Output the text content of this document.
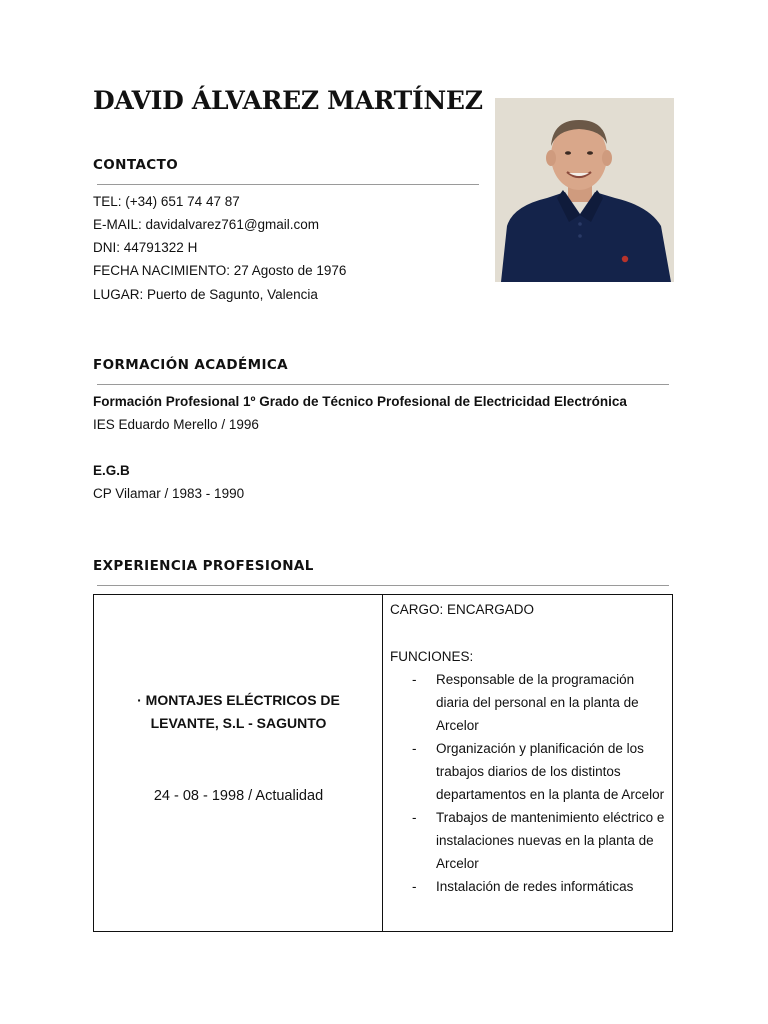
DAVID ÁLVAREZ MARTÍNEZ
CONTACTO
TEL: (+34) 651 74 47 87
E-MAIL: davidalvarez761@gmail.com
DNI: 44791322 H
FECHA NACIMIENTO: 27 Agosto de 1976
LUGAR: Puerto de Sagunto, Valencia
FORMACIÓN ACADÉMICA
Formación Profesional 1º Grado de Técnico Profesional de Electricidad Electrónica
IES Eduardo Merello / 1996
E.G.B
CP Vilamar / 1983 - 1990
EXPERIENCIA PROFESIONAL
· MONTAJES ELÉCTRICOS DE
LEVANTE, S.L - SAGUNTO
24 - 08 - 1998 / Actualidad
CARGO: ENCARGADO
FUNCIONES:
- Responsable de la programación diaria del personal en la planta de Arcelor
- Organización y planificación de los trabajos diarios de los distintos departamentos en la planta de Arcelor
- Trabajos de mantenimiento eléctrico e instalaciones nuevas en la planta de Arcelor
- Instalación de redes informáticas
